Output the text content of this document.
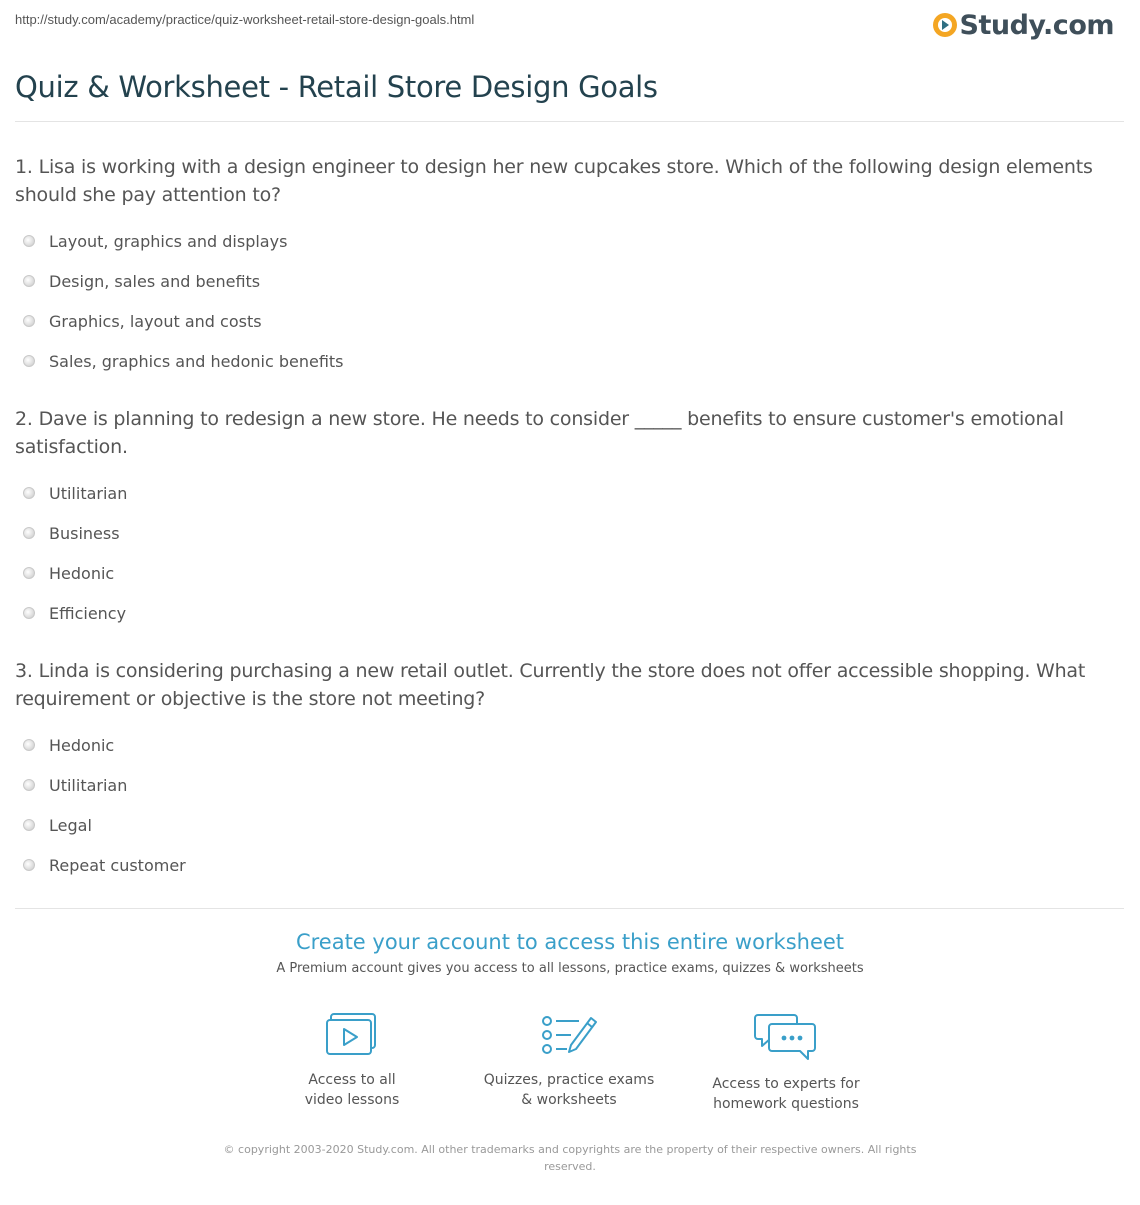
http://study.com/academy/practice/quiz-worksheet-retail-store-design-goals.html	Study.com
Quiz & Worksheet - Retail Store Design Goals
1. Lisa is working with a design engineer to design her new cupcakes store. Which of the following design elements should she pay attention to?
Layout, graphics and displays
Design, sales and benefits
Graphics, layout and costs
Sales, graphics and hedonic benefits
2. Dave is planning to redesign a new store. He needs to consider _____ benefits to ensure customer's emotional satisfaction.
Utilitarian
Business
Hedonic
Efficiency
3. Linda is considering purchasing a new retail outlet. Currently the store does not offer accessible shopping. What requirement or objective is the store not meeting?
Hedonic
Utilitarian
Legal
Repeat customer
Create your account to access this entire worksheet
A Premium account gives you access to all lessons, practice exams, quizzes & worksheets
Access to all
video lessons
Quizzes, practice exams
& worksheets
Access to experts for
homework questions
© copyright 2003-2020 Study.com. All other trademarks and copyrights are the property of their respective owners. All rights reserved.
